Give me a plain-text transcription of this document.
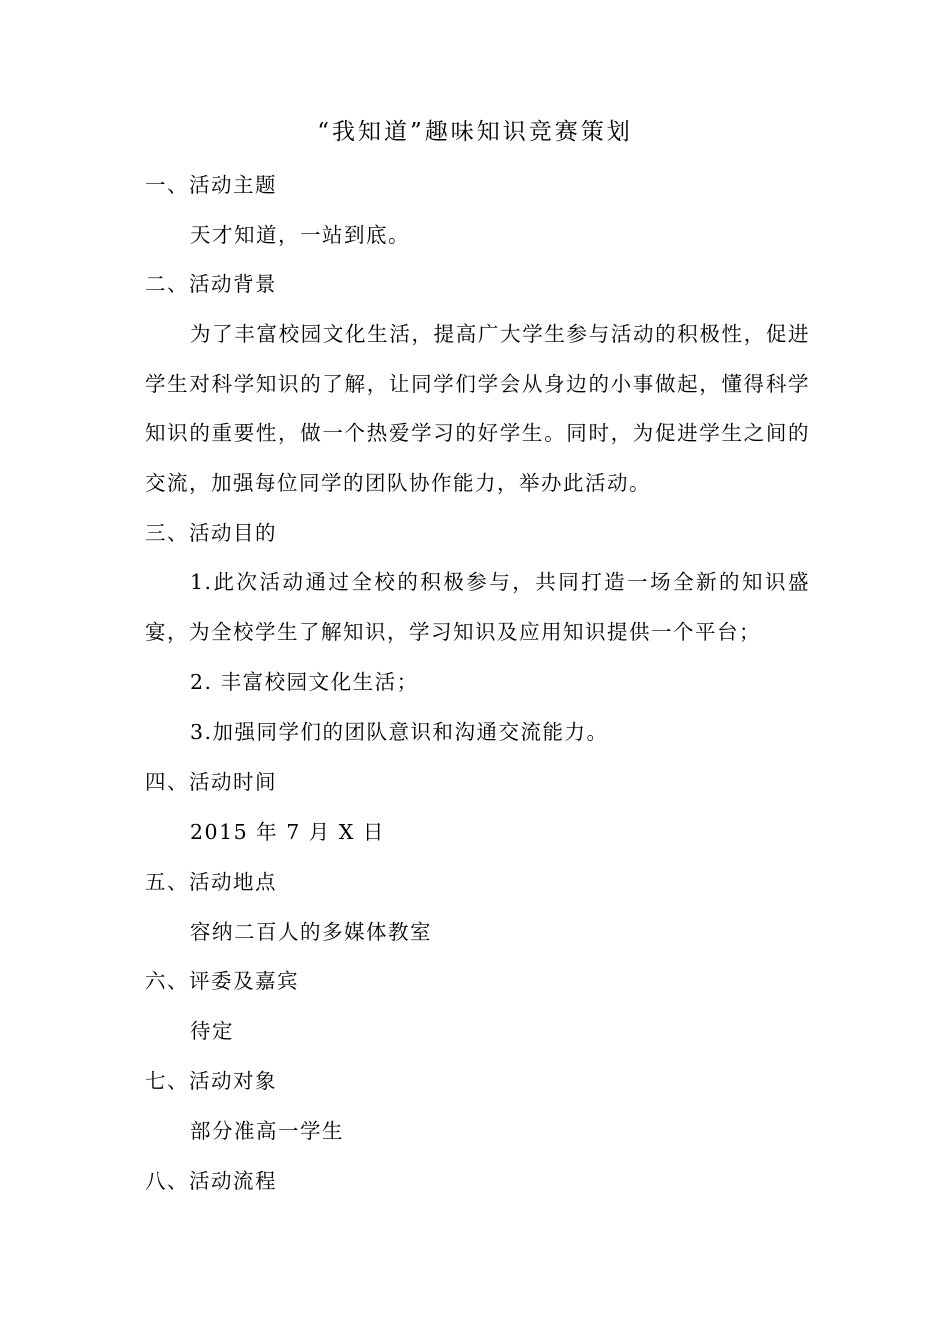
“我知道”趣味知识竞赛策划
一、活动主题
天才知道，一站到底。
二、活动背景

为了丰富校园文化生活，提高广大学生参与活动的积极性，促进学生对科学知识的了解，让同学们学会从身边的小事做起，懂得科学知识的重要性，做一个热爱学习的好学生。同时，为促进学生之间的交流，加强每位同学的团队协作能力，举办此活动。

三、活动目的

1.此次活动通过全校的积极参与，共同打造一场全新的知识盛宴，为全校学生了解知识，学习知识及应用知识提供一个平台；

2. 丰富校园文化生活；
3.加强同学们的团队意识和沟通交流能力。
四、活动时间
2015 年 7 月 X 日
五、活动地点
容纳二百人的多媒体教室
六、评委及嘉宾
待定
七、活动对象
部分准高一学生
八、活动流程
